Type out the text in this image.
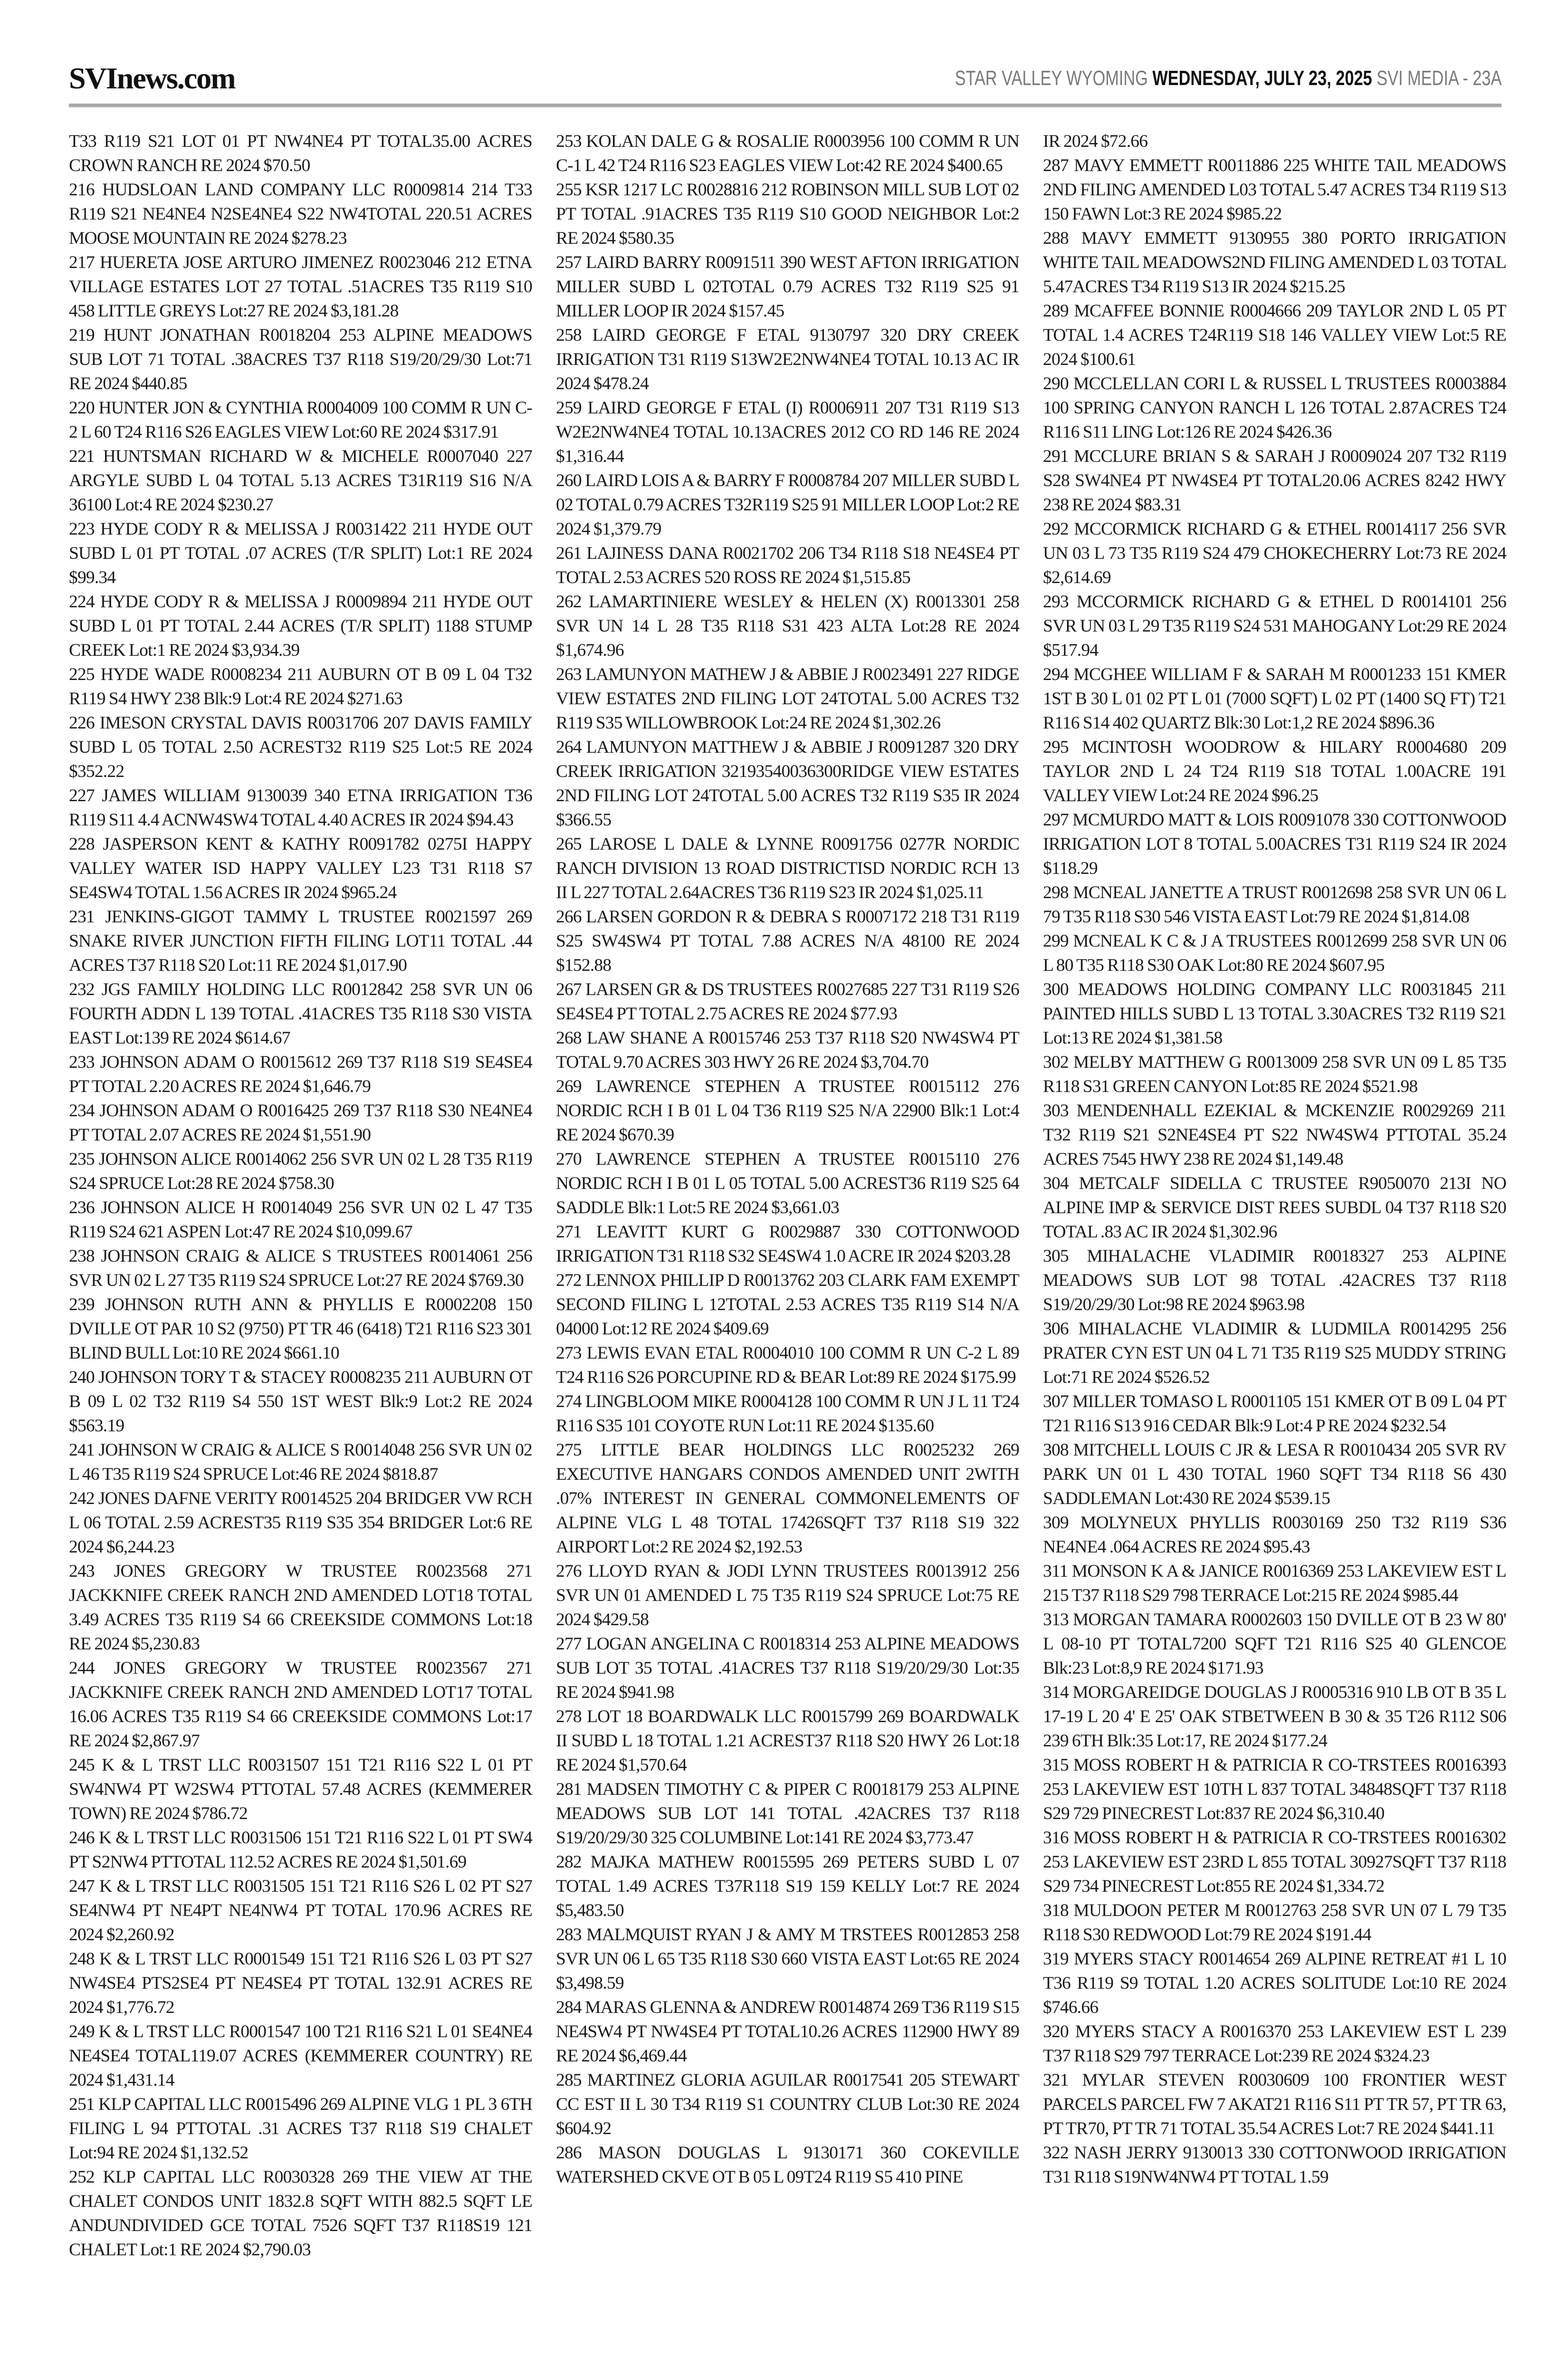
SVInews.com	STAR VALLEY WYOMING WEDNESDAY, JULY 23, 2025 SVI MEDIA - 23A

T33 R119 S21 LOT 01 PT NW4NE4 PT TOTAL35.00 ACRES CROWN RANCH RE 2024 $70.50

216 HUDSLOAN LAND COMPANY LLC R0009814 214 T33 R119 S21 NE4NE4 N2SE4NE4 S22 NW4TOTAL 220.51 ACRES MOOSE MOUNTAIN RE 2024 $278.23

217 HUERETA JOSE ARTURO JIMENEZ R0023046 212 ETNA VILLAGE ESTATES LOT 27 TOTAL .51ACRES T35 R119 S10 458 LITTLE GREYS Lot:27 RE 2024 $3,181.28

219 HUNT JONATHAN R0018204 253 ALPINE MEADOWS SUB LOT 71 TOTAL .38ACRES T37 R118 S19/20/29/30 Lot:71 RE 2024 $440.85

220 HUNTER JON & CYNTHIA R0004009 100 COMM R UN C-2 L 60 T24 R116 S26 EAGLES VIEW Lot:60 RE 2024 $317.91

221 HUNTSMAN RICHARD W & MICHELE R0007040 227 ARGYLE SUBD L 04 TOTAL 5.13 ACRES T31R119 S16 N/A 36100 Lot:4 RE 2024 $230.27

223 HYDE CODY R & MELISSA J R0031422 211 HYDE OUT SUBD L 01 PT TOTAL .07 ACRES (T/R SPLIT) Lot:1 RE 2024 $99.34

224 HYDE CODY R & MELISSA J R0009894 211 HYDE OUT SUBD L 01 PT TOTAL 2.44 ACRES (T/R SPLIT) 1188 STUMP CREEK Lot:1 RE 2024 $3,934.39

225 HYDE WADE R0008234 211 AUBURN OT B 09 L 04 T32 R119 S4 HWY 238 Blk:9 Lot:4 RE 2024 $271.63

226 IMESON CRYSTAL DAVIS R0031706 207 DAVIS FAMILY SUBD L 05 TOTAL 2.50 ACREST32 R119 S25 Lot:5 RE 2024 $352.22

227 JAMES WILLIAM 9130039 340 ETNA IRRIGATION T36 R119 S11 4.4 ACNW4SW4 TOTAL 4.40 ACRES IR 2024 $94.43

228 JASPERSON KENT & KATHY R0091782 0275I HAPPY VALLEY WATER ISD HAPPY VALLEY L23 T31 R118 S7 SE4SW4 TOTAL 1.56 ACRES IR 2024 $965.24

231 JENKINS-GIGOT TAMMY L TRUSTEE R0021597 269 SNAKE RIVER JUNCTION FIFTH FILING LOT11 TOTAL .44 ACRES T37 R118 S20 Lot:11 RE 2024 $1,017.90

232 JGS FAMILY HOLDING LLC R0012842 258 SVR UN 06 FOURTH ADDN L 139 TOTAL .41ACRES T35 R118 S30 VISTA EAST Lot:139 RE 2024 $614.67

233 JOHNSON ADAM O R0015612 269 T37 R118 S19 SE4SE4 PT TOTAL 2.20 ACRES RE 2024 $1,646.79

234 JOHNSON ADAM O R0016425 269 T37 R118 S30 NE4NE4 PT TOTAL 2.07 ACRES RE 2024 $1,551.90

235 JOHNSON ALICE R0014062 256 SVR UN 02 L 28 T35 R119 S24 SPRUCE Lot:28 RE 2024 $758.30

236 JOHNSON ALICE H R0014049 256 SVR UN 02 L 47 T35 R119 S24 621 ASPEN Lot:47 RE 2024 $10,099.67

238 JOHNSON CRAIG & ALICE S TRUSTEES R0014061 256 SVR UN 02 L 27 T35 R119 S24 SPRUCE Lot:27 RE 2024 $769.30

239 JOHNSON RUTH ANN & PHYLLIS E R0002208 150 DVILLE OT PAR 10 S2 (9750) PT TR 46 (6418) T21 R116 S23 301 BLIND BULL Lot:10 RE 2024 $661.10

240 JOHNSON TORY T & STACEY R0008235 211 AUBURN OT B 09 L 02 T32 R119 S4 550 1ST WEST Blk:9 Lot:2 RE 2024 $563.19

241 JOHNSON W CRAIG & ALICE S R0014048 256 SVR UN 02 L 46 T35 R119 S24 SPRUCE Lot:46 RE 2024 $818.87

242 JONES DAFNE VERITY R0014525 204 BRIDGER VW RCH L 06 TOTAL 2.59 ACREST35 R119 S35 354 BRIDGER Lot:6 RE 2024 $6,244.23

243 JONES GREGORY W TRUSTEE R0023568 271 JACKKNIFE CREEK RANCH 2ND AMENDED LOT18 TOTAL 3.49 ACRES T35 R119 S4 66 CREEKSIDE COMMONS Lot:18 RE 2024 $5,230.83

244 JONES GREGORY W TRUSTEE R0023567 271 JACKKNIFE CREEK RANCH 2ND AMENDED LOT17 TOTAL 16.06 ACRES T35 R119 S4 66 CREEKSIDE COMMONS Lot:17 RE 2024 $2,867.97

245 K & L TRST LLC R0031507 151 T21 R116 S22 L 01 PT SW4NW4 PT W2SW4 PTTOTAL 57.48 ACRES (KEMMERER TOWN) RE 2024 $786.72

246 K & L TRST LLC R0031506 151 T21 R116 S22 L 01 PT SW4 PT S2NW4 PTTOTAL 112.52 ACRES RE 2024 $1,501.69

247 K & L TRST LLC R0031505 151 T21 R116 S26 L 02 PT S27 SE4NW4 PT NE4PT NE4NW4 PT TOTAL 170.96 ACRES RE 2024 $2,260.92

248 K & L TRST LLC R0001549 151 T21 R116 S26 L 03 PT S27 NW4SE4 PTS2SE4 PT NE4SE4 PT TOTAL 132.91 ACRES RE 2024 $1,776.72

249 K & L TRST LLC R0001547 100 T21 R116 S21 L 01 SE4NE4 NE4SE4 TOTAL119.07 ACRES (KEMMERER COUNTRY) RE 2024 $1,431.14

251 KLP CAPITAL LLC R0015496 269 ALPINE VLG 1 PL 3 6TH FILING L 94 PTTOTAL .31 ACRES T37 R118 S19 CHALET Lot:94 RE 2024 $1,132.52

252 KLP CAPITAL LLC R0030328 269 THE VIEW AT THE CHALET CONDOS UNIT 1832.8 SQFT WITH 882.5 SQFT LE ANDUNDIVIDED GCE TOTAL 7526 SQFT T37 R118S19 121 CHALET Lot:1 RE 2024 $2,790.03

253 KOLAN DALE G & ROSALIE R0003956 100 COMM R UN C-1 L 42 T24 R116 S23 EAGLES VIEW Lot:42 RE 2024 $400.65

255 KSR 1217 LC R0028816 212 ROBINSON MILL SUB LOT 02 PT TOTAL .91ACRES T35 R119 S10 GOOD NEIGHBOR Lot:2 RE 2024 $580.35

257 LAIRD BARRY R0091511 390 WEST AFTON IRRIGATION MILLER SUBD L 02TOTAL 0.79 ACRES T32 R119 S25 91 MILLER LOOP IR 2024 $157.45

258 LAIRD GEORGE F ETAL 9130797 320 DRY CREEK IRRIGATION T31 R119 S13W2E2NW4NE4 TOTAL 10.13 AC IR 2024 $478.24

259 LAIRD GEORGE F ETAL (I) R0006911 207 T31 R119 S13 W2E2NW4NE4 TOTAL 10.13ACRES 2012 CO RD 146 RE 2024 $1,316.44

260 LAIRD LOIS A & BARRY F R0008784 207 MILLER SUBD L 02 TOTAL 0.79 ACRES T32R119 S25 91 MILLER LOOP Lot:2 RE 2024 $1,379.79

261 LAJINESS DANA R0021702 206 T34 R118 S18 NE4SE4 PT TOTAL 2.53 ACRES 520 ROSS RE 2024 $1,515.85

262 LAMARTINIERE WESLEY & HELEN (X) R0013301 258 SVR UN 14 L 28 T35 R118 S31 423 ALTA Lot:28 RE 2024 $1,674.96

263 LAMUNYON MATHEW J & ABBIE J R0023491 227 RIDGE VIEW ESTATES 2ND FILING LOT 24TOTAL 5.00 ACRES T32 R119 S35 WILLOWBROOK Lot:24 RE 2024 $1,302.26

264 LAMUNYON MATTHEW J & ABBIE J R0091287 320 DRY CREEK IRRIGATION 32193540036300RIDGE VIEW ESTATES 2ND FILING LOT 24TOTAL 5.00 ACRES T32 R119 S35 IR 2024 $366.55

265 LAROSE L DALE & LYNNE R0091756 0277R NORDIC RANCH DIVISION 13 ROAD DISTRICTISD NORDIC RCH 13 II L 227 TOTAL 2.64ACRES T36 R119 S23 IR 2024 $1,025.11

266 LARSEN GORDON R & DEBRA S R0007172 218 T31 R119 S25 SW4SW4 PT TOTAL 7.88 ACRES N/A 48100 RE 2024 $152.88

267 LARSEN GR & DS TRUSTEES R0027685 227 T31 R119 S26 SE4SE4 PT TOTAL 2.75 ACRES RE 2024 $77.93

268 LAW SHANE A R0015746 253 T37 R118 S20 NW4SW4 PT TOTAL 9.70 ACRES 303 HWY 26 RE 2024 $3,704.70

269 LAWRENCE STEPHEN A TRUSTEE R0015112 276 NORDIC RCH I B 01 L 04 T36 R119 S25 N/A 22900 Blk:1 Lot:4 RE 2024 $670.39

270 LAWRENCE STEPHEN A TRUSTEE R0015110 276 NORDIC RCH I B 01 L 05 TOTAL 5.00 ACREST36 R119 S25 64 SADDLE Blk:1 Lot:5 RE 2024 $3,661.03

271 LEAVITT KURT G R0029887 330 COTTONWOOD IRRIGATION T31 R118 S32 SE4SW4 1.0 ACRE IR 2024 $203.28

272 LENNOX PHILLIP D R0013762 203 CLARK FAM EXEMPT SECOND FILING L 12TOTAL 2.53 ACRES T35 R119 S14 N/A 04000 Lot:12 RE 2024 $409.69

273 LEWIS EVAN ETAL R0004010 100 COMM R UN C-2 L 89 T24 R116 S26 PORCUPINE RD & BEAR Lot:89 RE 2024 $175.99

274 LINGBLOOM MIKE R0004128 100 COMM R UN J L 11 T24 R116 S35 101 COYOTE RUN Lot:11 RE 2024 $135.60

275 LITTLE BEAR HOLDINGS LLC R0025232 269 EXECUTIVE HANGARS CONDOS AMENDED UNIT 2WITH .07% INTEREST IN GENERAL COMMONELEMENTS OF ALPINE VLG L 48 TOTAL 17426SQFT T37 R118 S19 322 AIRPORT Lot:2 RE 2024 $2,192.53

276 LLOYD RYAN & JODI LYNN TRUSTEES R0013912 256 SVR UN 01 AMENDED L 75 T35 R119 S24 SPRUCE Lot:75 RE 2024 $429.58

277 LOGAN ANGELINA C R0018314 253 ALPINE MEADOWS SUB LOT 35 TOTAL .41ACRES T37 R118 S19/20/29/30 Lot:35 RE 2024 $941.98

278 LOT 18 BOARDWALK LLC R0015799 269 BOARDWALK II SUBD L 18 TOTAL 1.21 ACREST37 R118 S20 HWY 26 Lot:18 RE 2024 $1,570.64

281 MADSEN TIMOTHY C & PIPER C R0018179 253 ALPINE MEADOWS SUB LOT 141 TOTAL .42ACRES T37 R118 S19/20/29/30 325 COLUMBINE Lot:141 RE 2024 $3,773.47

282 MAJKA MATHEW R0015595 269 PETERS SUBD L 07 TOTAL 1.49 ACRES T37R118 S19 159 KELLY Lot:7 RE 2024 $5,483.50

283 MALMQUIST RYAN J & AMY M TRSTEES R0012853 258 SVR UN 06 L 65 T35 R118 S30 660 VISTA EAST Lot:65 RE 2024 $3,498.59

284 MARAS GLENNA & ANDREW R0014874 269 T36 R119 S15 NE4SW4 PT NW4SE4 PT TOTAL10.26 ACRES 112900 HWY 89 RE 2024 $6,469.44

285 MARTINEZ GLORIA AGUILAR R0017541 205 STEWART CC EST II L 30 T34 R119 S1 COUNTRY CLUB Lot:30 RE 2024 $604.92

286 MASON DOUGLAS L 9130171 360 COKEVILLE WATERSHED CKVE OT B 05 L 09T24 R119 S5 410 PINE

IR 2024 $72.66

287 MAVY EMMETT R0011886 225 WHITE TAIL MEADOWS 2ND FILING AMENDED L03 TOTAL 5.47 ACRES T34 R119 S13 150 FAWN Lot:3 RE 2024 $985.22

288 MAVY EMMETT 9130955 380 PORTO IRRIGATION WHITE TAIL MEADOWS2ND FILING AMENDED L 03 TOTAL 5.47ACRES T34 R119 S13 IR 2024 $215.25

289 MCAFFEE BONNIE R0004666 209 TAYLOR 2ND L 05 PT TOTAL 1.4 ACRES T24R119 S18 146 VALLEY VIEW Lot:5 RE 2024 $100.61

290 MCCLELLAN CORI L & RUSSEL L TRUSTEES R0003884 100 SPRING CANYON RANCH L 126 TOTAL 2.87ACRES T24 R116 S11 LING Lot:126 RE 2024 $426.36

291 MCCLURE BRIAN S & SARAH J R0009024 207 T32 R119 S28 SW4NE4 PT NW4SE4 PT TOTAL20.06 ACRES 8242 HWY 238 RE 2024 $83.31

292 MCCORMICK RICHARD G & ETHEL R0014117 256 SVR UN 03 L 73 T35 R119 S24 479 CHOKECHERRY Lot:73 RE 2024 $2,614.69

293 MCCORMICK RICHARD G & ETHEL D R0014101 256 SVR UN 03 L 29 T35 R119 S24 531 MAHOGANY Lot:29 RE 2024 $517.94

294 MCGHEE WILLIAM F & SARAH M R0001233 151 KMER 1ST B 30 L 01 02 PT L 01 (7000 SQFT) L 02 PT (1400 SQ FT) T21 R116 S14 402 QUARTZ Blk:30 Lot:1,2 RE 2024 $896.36

295 MCINTOSH WOODROW & HILARY R0004680 209 TAYLOR 2ND L 24 T24 R119 S18 TOTAL 1.00ACRE 191 VALLEY VIEW Lot:24 RE 2024 $96.25

297 MCMURDO MATT & LOIS R0091078 330 COTTONWOOD IRRIGATION LOT 8 TOTAL 5.00ACRES T31 R119 S24 IR 2024 $118.29

298 MCNEAL JANETTE A TRUST R0012698 258 SVR UN 06 L 79 T35 R118 S30 546 VISTA EAST Lot:79 RE 2024 $1,814.08

299 MCNEAL K C & J A TRUSTEES R0012699 258 SVR UN 06 L 80 T35 R118 S30 OAK Lot:80 RE 2024 $607.95

300 MEADOWS HOLDING COMPANY LLC R0031845 211 PAINTED HILLS SUBD L 13 TOTAL 3.30ACRES T32 R119 S21 Lot:13 RE 2024 $1,381.58

302 MELBY MATTHEW G R0013009 258 SVR UN 09 L 85 T35 R118 S31 GREEN CANYON Lot:85 RE 2024 $521.98

303 MENDENHALL EZEKIAL & MCKENZIE R0029269 211 T32 R119 S21 S2NE4SE4 PT S22 NW4SW4 PTTOTAL 35.24 ACRES 7545 HWY 238 RE 2024 $1,149.48

304 METCALF SIDELLA C TRUSTEE R9050070 213I NO ALPINE IMP & SERVICE DIST REES SUBDL 04 T37 R118 S20 TOTAL .83 AC IR 2024 $1,302.96

305 MIHALACHE VLADIMIR R0018327 253 ALPINE MEADOWS SUB LOT 98 TOTAL .42ACRES T37 R118 S19/20/29/30 Lot:98 RE 2024 $963.98

306 MIHALACHE VLADIMIR & LUDMILA R0014295 256 PRATER CYN EST UN 04 L 71 T35 R119 S25 MUDDY STRING Lot:71 RE 2024 $526.52

307 MILLER TOMASO L R0001105 151 KMER OT B 09 L 04 PT T21 R116 S13 916 CEDAR Blk:9 Lot:4 P RE 2024 $232.54

308 MITCHELL LOUIS C JR & LESA R R0010434 205 SVR RV PARK UN 01 L 430 TOTAL 1960 SQFT T34 R118 S6 430 SADDLEMAN Lot:430 RE 2024 $539.15

309 MOLYNEUX PHYLLIS R0030169 250 T32 R119 S36 NE4NE4 .064 ACRES RE 2024 $95.43

311 MONSON K A & JANICE R0016369 253 LAKEVIEW EST L 215 T37 R118 S29 798 TERRACE Lot:215 RE 2024 $985.44

313 MORGAN TAMARA R0002603 150 DVILLE OT B 23 W 80' L 08-10 PT TOTAL7200 SQFT T21 R116 S25 40 GLENCOE Blk:23 Lot:8,9 RE 2024 $171.93

314 MORGAREIDGE DOUGLAS J R0005316 910 LB OT B 35 L 17-19 L 20 4' E 25' OAK STBETWEEN B 30 & 35 T26 R112 S06 239 6TH Blk:35 Lot:17, RE 2024 $177.24

315 MOSS ROBERT H & PATRICIA R CO-TRSTEES R0016393 253 LAKEVIEW EST 10TH L 837 TOTAL 34848SQFT T37 R118 S29 729 PINECREST Lot:837 RE 2024 $6,310.40

316 MOSS ROBERT H & PATRICIA R CO-TRSTEES R0016302 253 LAKEVIEW EST 23RD L 855 TOTAL 30927SQFT T37 R118 S29 734 PINECREST Lot:855 RE 2024 $1,334.72

318 MULDOON PETER M R0012763 258 SVR UN 07 L 79 T35 R118 S30 REDWOOD Lot:79 RE 2024 $191.44

319 MYERS STACY R0014654 269 ALPINE RETREAT #1 L 10 T36 R119 S9 TOTAL 1.20 ACRES SOLITUDE Lot:10 RE 2024 $746.66

320 MYERS STACY A R0016370 253 LAKEVIEW EST L 239 T37 R118 S29 797 TERRACE Lot:239 RE 2024 $324.23

321 MYLAR STEVEN R0030609 100 FRONTIER WEST PARCELS PARCEL FW 7 AKAT21 R116 S11 PT TR 57, PT TR 63, PT TR70, PT TR 71 TOTAL 35.54 ACRES Lot:7 RE 2024 $441.11

322 NASH JERRY 9130013 330 COTTONWOOD IRRIGATION T31 R118 S19NW4NW4 PT TOTAL 1.59
